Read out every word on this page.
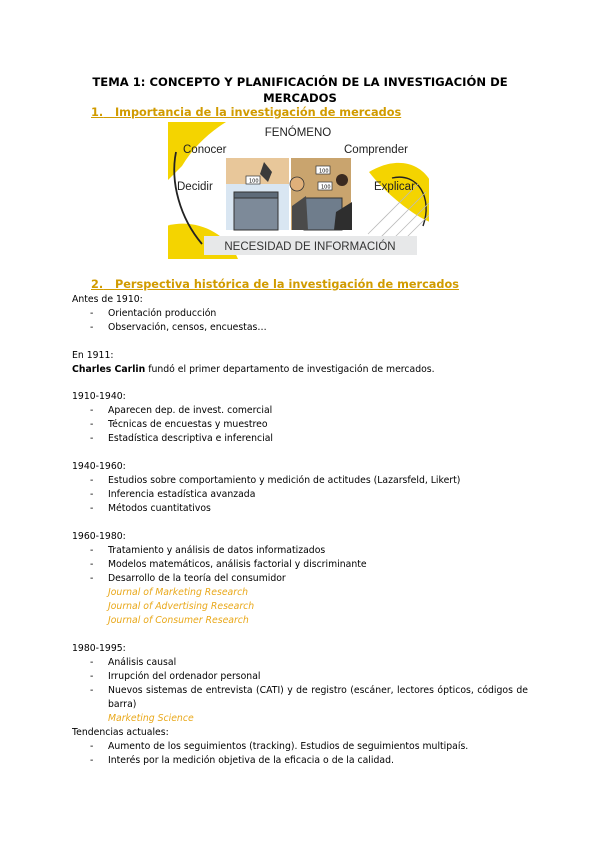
TEMA 1: CONCEPTO Y PLANIFICACIÓN DE LA INVESTIGACIÓN DE
MERCADOS
1. Importancia de la investigación de mercados
100
100
100
FENÓMENO
Conocer	Comprender
Decidir	Explicar
NECESIDAD DE INFORMACIÓN
2. Perspectiva histórica de la investigación de mercados
Antes de 1910:
- Orientación producción
- Observación, censos, encuestas…
En 1911:
Charles Carlin fundó el primer departamento de investigación de mercados.
1910-1940:
- Aparecen dep. de invest. comercial
- Técnicas de encuestas y muestreo
- Estadística descriptiva e inferencial
1940-1960:
- Estudios sobre comportamiento y medición de actitudes (Lazarsfeld, Likert)
- Inferencia estadística avanzada
- Métodos cuantitativos
1960-1980:
- Tratamiento y análisis de datos informatizados
- Modelos matemáticos, análisis factorial y discriminante
- Desarrollo de la teoría del consumidor
Journal of Marketing Research
Journal of Advertising Research
Journal of Consumer Research
1980-1995:
- Análisis causal
- Irrupción del ordenador personal
- Nuevos sistemas de entrevista (CATI) y de registro (escáner, lectores ópticos, códigos de
barra)
Marketing Science
Tendencias actuales:
- Aumento de los seguimientos (tracking). Estudios de seguimientos multipaís.
- Interés por la medición objetiva de la eficacia o de la calidad.
